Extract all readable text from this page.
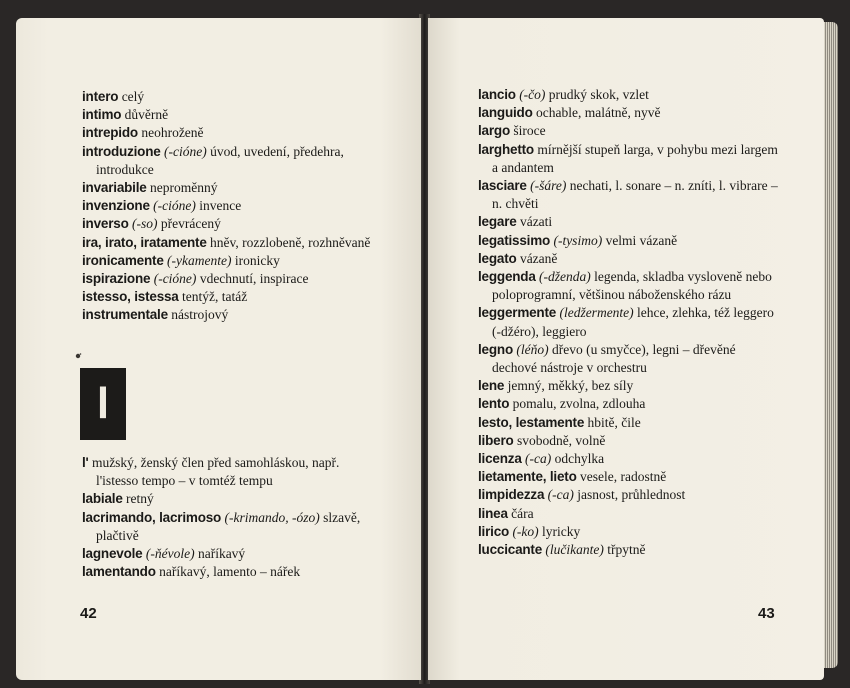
intero celý
intimo důvěrně
intrepido neohroženě
introduzione (-cióne) úvod, uvedení, předehra, introdukce
invariabile neproměnný
invenzione (-cióne) invence
inverso (-so) převrácený
ira, irato, iratamente hněv, rozzlobeně, rozhněvaně
ironicamente (-ykamente) ironicky
ispirazione (-cióne) vdechnutí, inspirace
istesso, istessa tentýž, tatáž
instrumentale nástrojový
l
l' mužský, ženský člen před samohláskou, např. l'istesso tempo – v tomtéž tempu
labiale retný
lacrimando, lacrimoso (-krimando, -ózo) slzavě, plačtivě
lagnevole (-ňévole) naříkavý
lamentando naříkavý, lamento – nářek
42
lancio (-čo) prudký skok, vzlet
languido ochable, malátně, nyvě
largo široce
larghetto mírnější stupeň larga, v pohybu mezi largem a andantem
lasciare (-šáre) nechati, l. sonare – n. zníti, l. vibrare – n. chvěti
legare vázati
legatissimo (-tysimo) velmi vázaně
legato vázaně
leggenda (-dženda) legenda, skladba vysloveně nebo poloprogramní, většinou náboženského rázu
leggermente (ledžermente) lehce, zlehka, též leggero (-džéro), leggiero
legno (léňo) dřevo (u smyčce), legni – dřevěné dechové nástroje v orchestru
lene jemný, měkký, bez síly
lento pomalu, zvolna, zdlouha
lesto, lestamente hbitě, čile
libero svobodně, volně
licenza (-ca) odchylka
lietamente, lieto vesele, radostně
limpidezza (-ca) jasnost, průhlednost
linea čára
lirico (-ko) lyricky
luccicante (lučikante) třpytně
43
